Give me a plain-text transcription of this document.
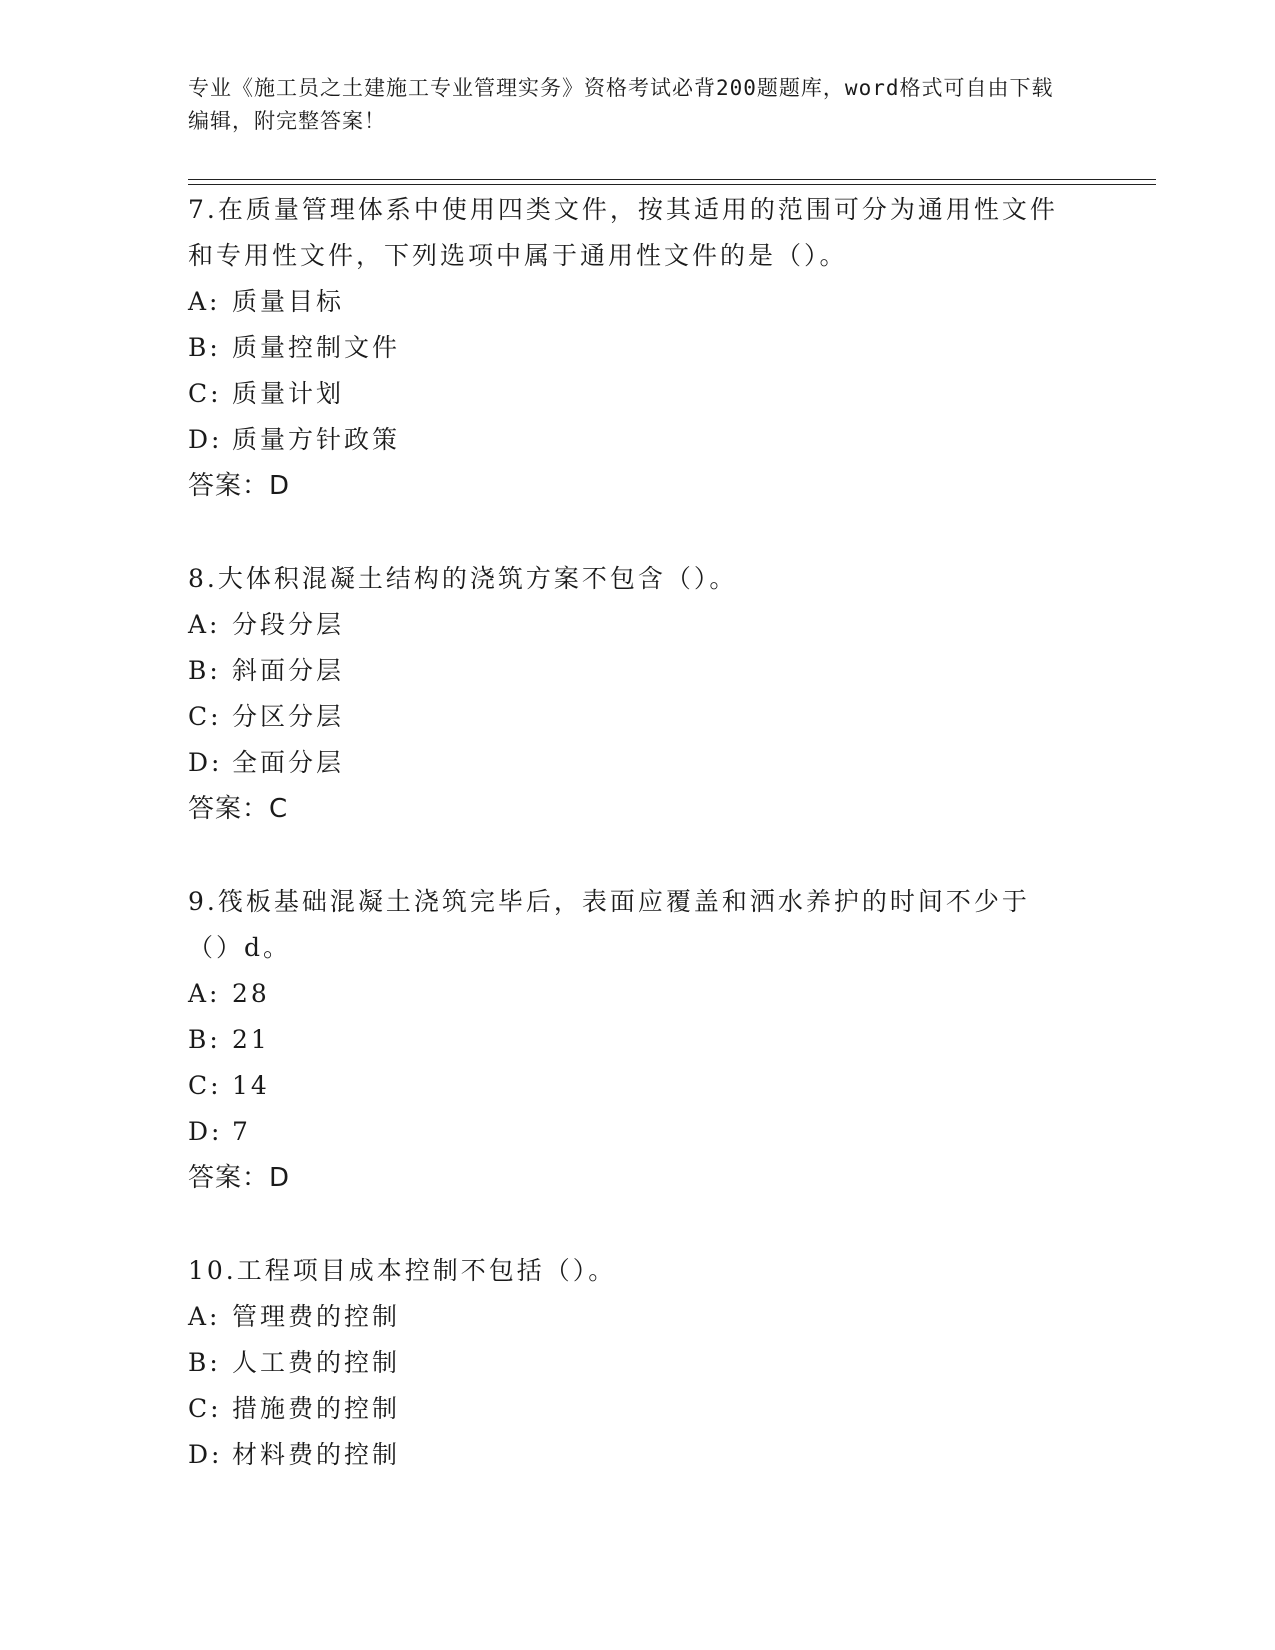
专业《施工员之土建施工专业管理实务》资格考试必背200题题库，word格式可自由下载编辑，附完整答案！
7.在质量管理体系中使用四类文件，按其适用的范围可分为通用性文件和专用性文件，下列选项中属于通用性文件的是（）。
A: 质量目标
B: 质量控制文件
C: 质量计划
D: 质量方针政策
答案：D
8.大体积混凝土结构的浇筑方案不包含（）。
A: 分段分层
B: 斜面分层
C: 分区分层
D: 全面分层
答案：C
9.筏板基础混凝土浇筑完毕后，表面应覆盖和洒水养护的时间不少于（）d。
A: 28
B: 21
C: 14
D: 7
答案：D
10.工程项目成本控制不包括（）。
A: 管理费的控制
B: 人工费的控制
C: 措施费的控制
D: 材料费的控制
